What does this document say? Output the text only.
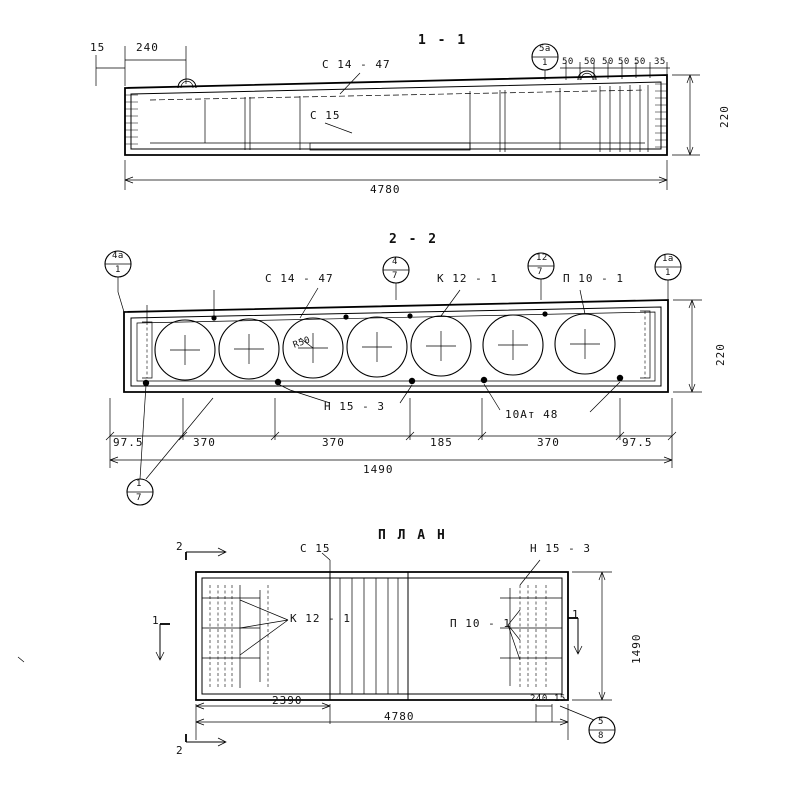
1 - 1
15	240
С 14 - 47
С 15
5а
1 50 50 50 50 50 35
4780
220
2 - 2
4а
1
С 14 - 47
4
7	К 12 - 1
12
7 П 10 - 1
1а
1
R50
Н 15 - 3
10Ат 48
220
97.5	370	370	185	370	97.5
1490
1
7
П Л А Н
С 15	Н 15 - 3
К 12 - 1	П 10 - 1
2
2
1	1
2390
4780
240 15
1490
5
8
